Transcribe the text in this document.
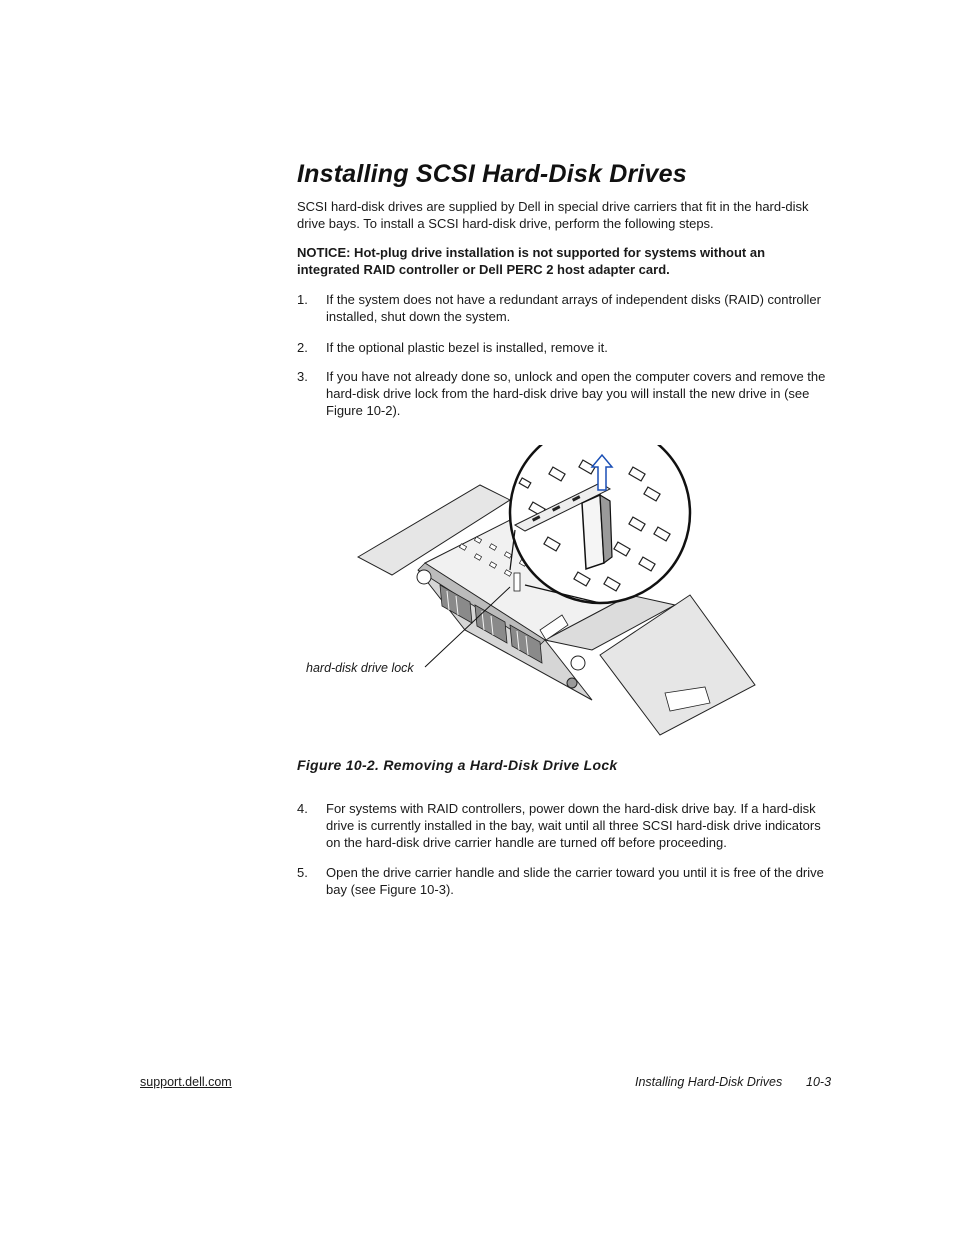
Installing SCSI Hard-Disk Drives

SCSI hard-disk drives are supplied by Dell in special drive carriers that fit in the hard-disk drive bays. To install a SCSI hard-disk drive, perform the following steps.

NOTICE: Hot-plug drive installation is not supported for systems without an integrated RAID controller or Dell PERC 2 host adapter card.

1. If the system does not have a redundant arrays of independent disks (RAID) controller installed, shut down the system.
2. If the optional plastic bezel is installed, remove it.
3. If you have not already done so, unlock and open the computer covers and remove the hard-disk drive lock from the hard-disk drive bay you will install the new drive in (see Figure 10-2).
hard-disk drive lock

Figure 10-2. Removing a Hard-Disk Drive Lock

4. For systems with RAID controllers, power down the hard-disk drive bay. If a hard-disk drive is currently installed in the bay, wait until all three SCSI hard-disk drive indicators on the hard-disk drive carrier handle are turned off before proceeding.
5. Open the drive carrier handle and slide the carrier toward you until it is free of the drive bay (see Figure 10-3).
support.dell.com	Installing Hard-Disk Drives 10-3
